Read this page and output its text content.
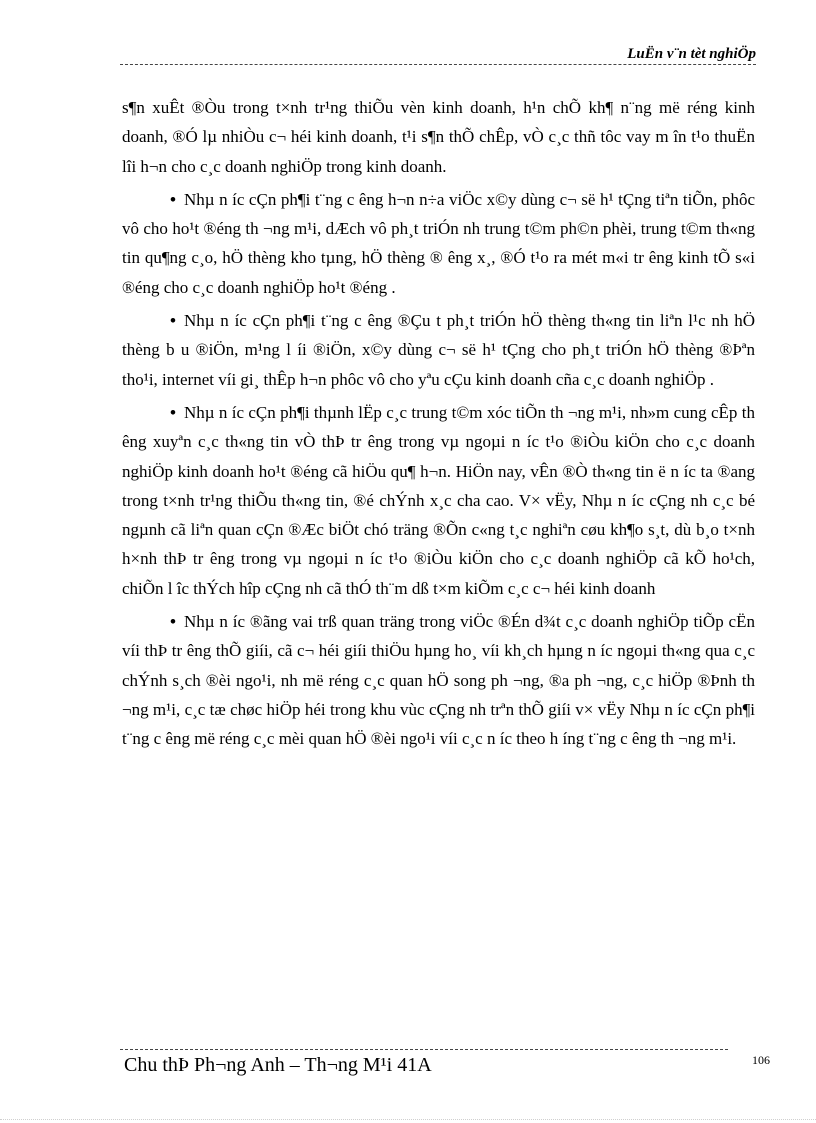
LuËn v¨n tèt nghiÖp

s¶n xuÊt ®Òu trong t×nh tr¹ng thiÕu vèn kinh doanh, h¹n chÕ kh¶ n¨ng më réng kinh doanh, ®Ó lµ nhiÒu c¬ héi kinh doanh, t¹i s¶n thÕ chÊp, vÒ c¸c thñ tôc vay m în t¹o thuËn lîi h¬n cho c¸c doanh nghiÖp trong kinh doanh.

• Nhµ n íc cÇn ph¶i t¨ng c êng h¬n n÷a viÖc x©y dùng c¬ së h¹ tÇng tiªn tiÕn, phôc vô cho ho¹t ®éng th ¬ng m¹i, dÆch vô ph¸t triÓn nh trung t©m ph©n phèi, trung t©m th«ng tin qu¶ng c¸o, hÖ thèng kho tµng, hÖ thèng ® êng x¸, ®Ó t¹o ra mét m«i tr êng kinh tÕ s«i ®éng cho c¸c doanh nghiÖp ho¹t ®éng .

• Nhµ n íc cÇn ph¶i t¨ng c êng ®Çu t ph¸t triÓn hÖ thèng th«ng tin liªn l¹c nh hÖ thèng b u ®iÖn, m¹ng l íi ®iÖn, x©y dùng c¬ së h¹ tÇng cho ph¸t triÓn hÖ thèng ®Þªn tho¹i, internet víi gi¸ thÊp h¬n phôc vô cho yªu cÇu kinh doanh cña c¸c doanh nghiÖp .

• Nhµ n íc cÇn ph¶i thµnh lËp c¸c trung t©m xóc tiÕn th ¬ng m¹i, nh»m cung cÊp th êng xuyªn c¸c th«ng tin vÒ thÞ tr êng trong vµ ngoµi n íc t¹o ®iÒu kiÖn cho c¸c doanh nghiÖp kinh doanh ho¹t ®éng cã hiÖu qu¶ h¬n. HiÖn nay, vÊn ®Ò th«ng tin ë n íc ta ®ang trong t×nh tr¹ng thiÕu th«ng tin, ®é chÝnh x¸c cha cao. V× vËy, Nhµ n íc cÇng nh c¸c bé ngµnh cã liªn quan cÇn ®Æc biÖt chó träng ®Õn c«ng t¸c nghiªn cøu kh¶o s¸t, dù b¸o t×nh h×nh thÞ tr êng trong vµ ngoµi n íc t¹o ®iÒu kiÖn cho c¸c doanh nghiÖp cã kÕ ho¹ch, chiÕn l îc thÝch hîp cÇng nh cã thÓ th¨m dß t×m kiÕm c¸c c¬ héi kinh doanh

• Nhµ n íc ®ãng vai trß quan träng trong viÖc ®Én d¾t c¸c doanh nghiÖp tiÕp cËn víi thÞ tr êng thÕ giíi, cã c¬ héi giíi thiÖu hµng ho¸ víi kh¸ch hµng n íc ngoµi th«ng qua c¸c chÝnh s¸ch ®èi ngo¹i, nh më réng c¸c quan hÖ song ph ¬ng, ®a ph ¬ng, c¸c hiÖp ®Þnh th ¬ng m¹i, c¸c tæ chøc hiÖp héi trong khu vùc cÇng nh trªn thÕ giíi v× vËy Nhµ n íc cÇn ph¶i t¨ng c êng më réng c¸c mèi quan hÖ ®èi ngo¹i víi c¸c n íc theo h íng t¨ng c êng th ¬ng m¹i.

Chu thÞ Ph¬ng Anh – Th¬ng M¹i 41A	106
